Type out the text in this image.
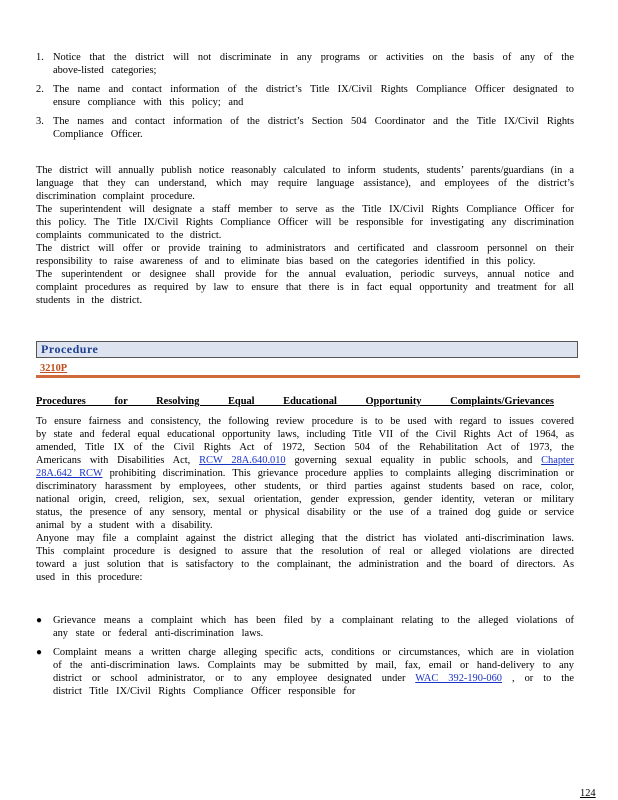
1. Notice that the district will not discriminate in any programs or activities on the basis of any of the above-listed categories;
2. The name and contact information of the district’s Title IX/Civil Rights Compliance Officer designated to ensure compliance with this policy; and
3. The names and contact information of the district’s Section 504 Coordinator and the Title IX/Civil Rights Compliance Officer.

The district will annually publish notice reasonably calculated to inform students, students’ parents/guardians (in a language that they can understand, which may require language assistance), and employees of the district’s discrimination complaint procedure.

The superintendent will designate a staff member to serve as the Title IX/Civil Rights Compliance Officer for this policy. The Title IX/Civil Rights Compliance Officer will be responsible for investigating any discrimination complaints communicated to the district.

The district will offer or provide training to administrators and certificated and classroom personnel on their responsibility to raise awareness of and to eliminate bias based on the categories identified in this policy.

The superintendent or designee shall provide for the annual evaluation, periodic surveys, annual notice and complaint procedures as required by law to ensure that there is in fact equal opportunity and treatment for all students in the district.

Procedure
3210P
Procedures for Resolving Equal Educational Opportunity Complaints/Grievances

To ensure fairness and consistency, the following review procedure is to be used with regard to issues covered by state and federal equal educational opportunity laws, including Title VII of the Civil Rights Act of 1964, as amended, Title IX of the Civil Rights Act of 1972, Section 504 of the Rehabilitation Act of 1973, the Americans with Disabilities Act, RCW 28A.640.010 governing sexual equality in public schools, and Chapter 28A.642 RCW prohibiting discrimination. This grievance procedure applies to complaints alleging discrimination or discriminatory harassment by employees, other students, or third parties against students based on race, color, national origin, creed, religion, sex, sexual orientation, gender expression, gender identity, veteran or military status, the presence of any sensory, mental or physical disability or the use of a trained dog guide or service animal by a student with a disability.

Anyone may file a complaint against the district alleging that the district has violated anti-discrimination laws. This complaint procedure is designed to assure that the resolution of real or alleged violations are directed toward a just solution that is satisfactory to the complainant, the administration and the board of directors. As used in this procedure:

●	Grievance means a complaint which has been filed by a complainant relating to the alleged violations of any state or federal anti-discrimination laws.
●	Complaint means a written charge alleging specific acts, conditions or circumstances, which are in violation of the anti-discrimination laws. Complaints may be submitted by mail, fax, email or hand-delivery to any district or school administrator, or to any employee designated under WAC 392-190-060 , or to the district Title IX/Civil Rights Compliance Officer responsible for
124
